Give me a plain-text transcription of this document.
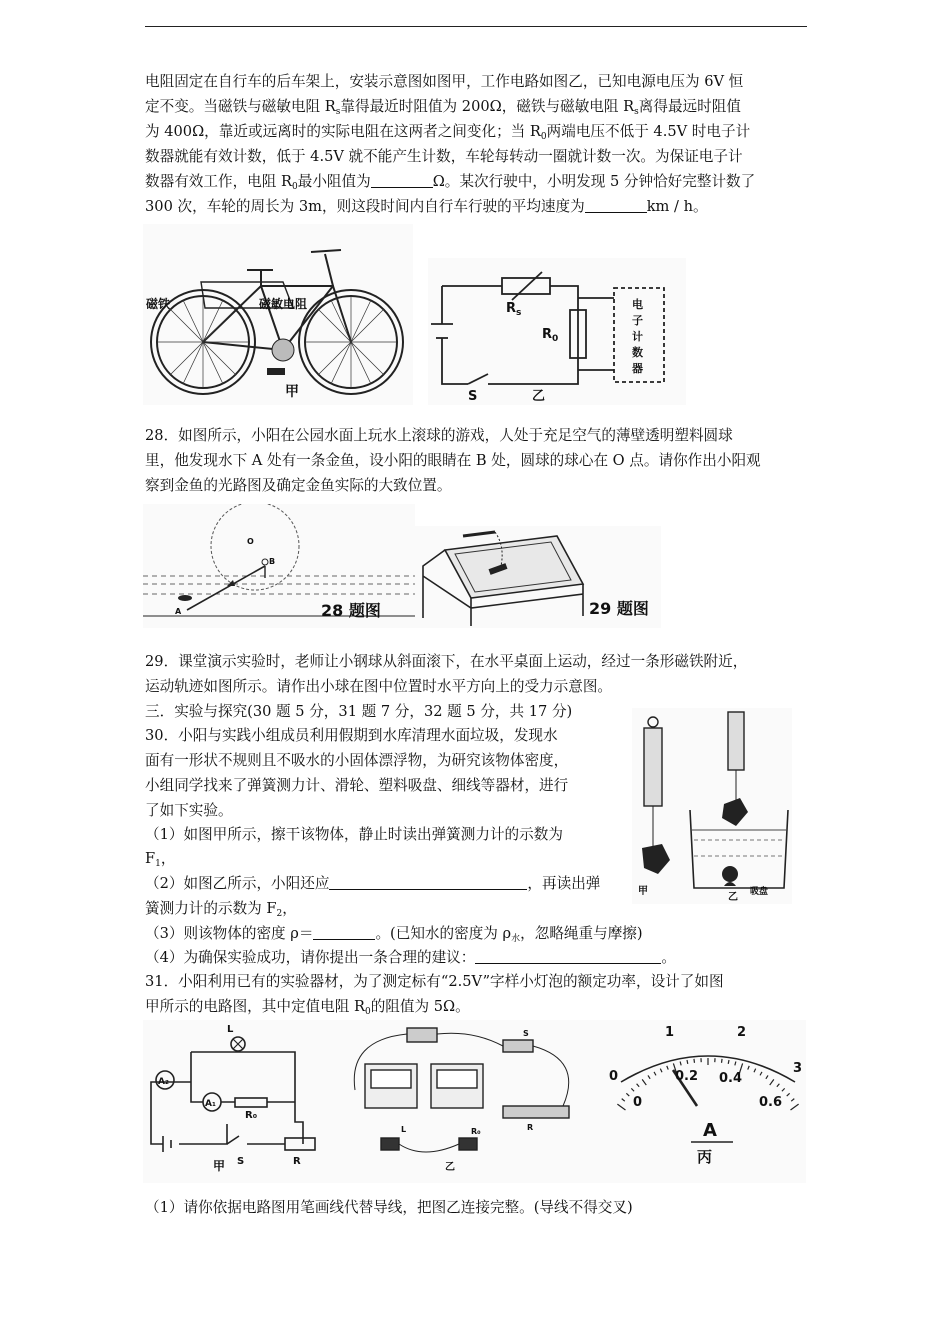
电阻固定在自行车的后车架上，安装示意图如图甲，工作电路如图乙，已知电源电压为 6V 恒

定不变。当磁铁与磁敏电阻 $R_s$靠得最近时阻值为 200Ω，磁铁与磁敏电阻 $R_s$离得最远时阻值

为 400Ω，靠近或远离时的实际电阻在这两者之间变化；当 $R_0$两端电压不低于 4.5V 时电子计

数器就能有效计数，低于 4.5V 就不能产生计数，车轮每转动一圈就计数一次。为保证电子计

数器有效工作，电阻 $R_0$最小阻值为	Ω。某次行驶中，小明发现 5 分钟恰好完整计数了

300 次，车轮的周长为 3m，则这段时间内自行车行驶的平均速度为	km / h。

磁铁	磁敏电阻
甲
$R_s$
$R_0$
电
子
计
数
器
S	乙

28．如图所示，小阳在公园水面上玩水上滚球的游戏，人处于充足空气的薄壁透明塑料圆球

里，他发现水下 A 处有一条金鱼，设小阳的眼睛在 B 处，圆球的球心在 O 点。请你作出小阳观

察到金鱼的光路图及确定金鱼实际的大致位置。

O
B
A	28 题图	29 题图

29．课堂演示实验时，老师让小钢球从斜面滚下，在水平桌面上运动，经过一条形磁铁附近，

运动轨迹如图所示。请作出小球在图中位置时水平方向上的受力示意图。

三．实验与探究(30 题 5 分，31 题 7 分，32 题 5 分，共 17 分)

30．小阳与实践小组成员利用假期到水库清理水面垃圾，发现水

面有一形状不规则且不吸水的小固体漂浮物，为研究该物体密度，

小组同学找来了弹簧测力计、滑轮、塑料吸盘、细线等器材，进行

了如下实验。

（1）如图甲所示，擦干该物体，静止时读出弹簧测力计的示数为

$F_1$，

（2）如图乙所示，小阳还应	，再读出弹

簧测力计的示数为 $F_2$，

（3）则该物体的密度 ρ＝	。(已知水的密度为 $\rho_水$，忽略绳重与摩擦)

（4）为确保实验成功，请你提出一条合理的建议：	。

甲
乙 吸盘

31．小阳利用已有的实验器材，为了测定标有“2.5V”字样小灯泡的额定功率，设计了如图

甲所示的电路图，其中定值电阻 $R_0$的阻值为 5Ω。

A₂
A₁
L
R₀
S	R
甲
L	R₀
S
R
乙
1	2
3
0
0
0.2 0.4
0.6
A
丙

（1）请你依据电路图用笔画线代替导线，把图乙连接完整。(导线不得交叉)
